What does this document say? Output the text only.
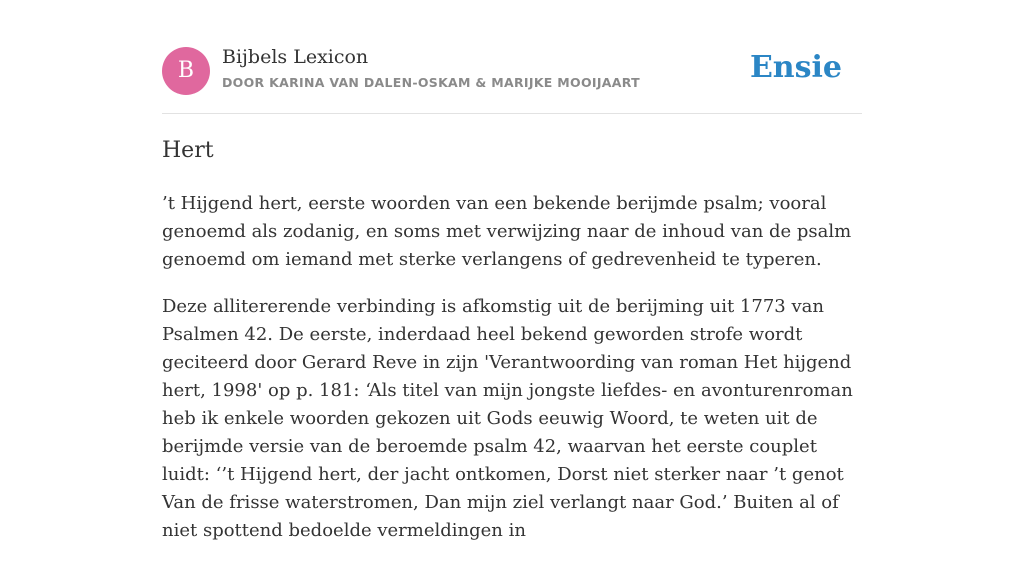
B
Bijbels Lexicon
DOOR KARINA VAN DALEN-OSKAM & MARIJKE MOOIJAART	Ensie
Hert

’t Hijgend hert, eerste woorden van een bekende berijmde psalm; vooral genoemd als zodanig, en soms met verwijzing naar de inhoud van de psalm genoemd om iemand met sterke verlangens of gedrevenheid te typeren.

Deze allitererende verbinding is afkomstig uit de berijming uit 1773 van Psalmen 42. De eerste, inderdaad heel bekend geworden strofe wordt geciteerd door Gerard Reve in zijn 'Verantwoording van roman Het hijgend hert, 1998' op p. 181: ‘Als titel van mijn jongste liefdes- en avonturenroman heb ik enkele woorden gekozen uit Gods eeuwig Woord, te weten uit de berijmde versie van de beroemde psalm 42, waarvan het eerste couplet luidt: ‘’t Hijgend hert, der jacht ontkomen, Dorst niet sterker naar ’t genot Van de frisse waterstromen, Dan mijn ziel verlangt naar God.’ Buiten al of niet spottend bedoelde vermeldingen in
